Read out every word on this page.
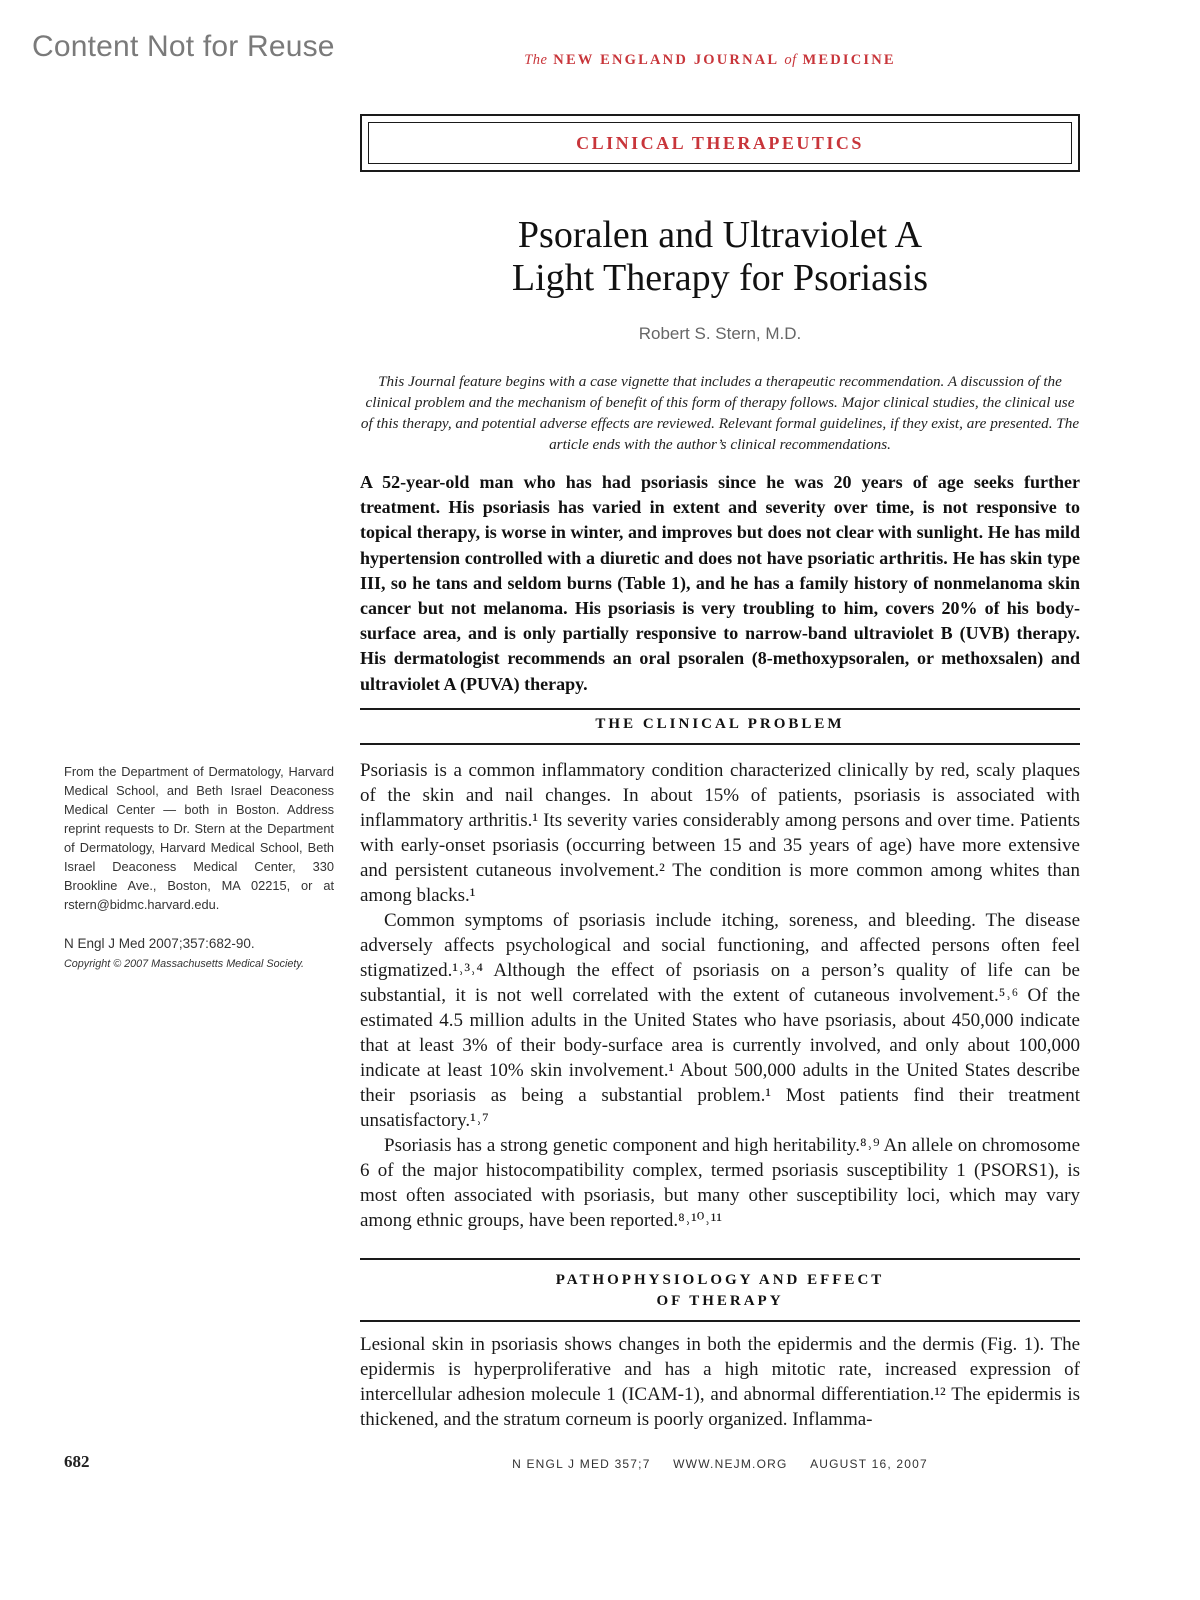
Content Not for Reuse	The NEW ENGLAND JOURNAL of MEDICINE
CLINICAL THERAPEUTICS
Psoralen and Ultraviolet A
Light Therapy for Psoriasis
Robert S. Stern, M.D.
This Journal feature begins with a case vignette that includes a therapeutic recommendation. A discussion of the clinical problem and the mechanism of benefit of this form of therapy follows. Major clinical studies, the clinical use of this therapy, and potential adverse effects are reviewed. Relevant formal guidelines, if they exist, are presented. The article ends with the author’s clinical recommendations.
A 52-year-old man who has had psoriasis since he was 20 years of age seeks further treatment. His psoriasis has varied in extent and severity over time, is not responsive to topical therapy, is worse in winter, and improves but does not clear with sunlight. He has mild hypertension controlled with a diuretic and does not have psoriatic arthritis. He has skin type III, so he tans and seldom burns (Table 1), and he has a family history of nonmelanoma skin cancer but not melanoma. His psoriasis is very troubling to him, covers 20% of his body-surface area, and is only partially responsive to narrow-band ultraviolet B (UVB) therapy. His dermatologist recommends an oral psoralen (8-methoxypsoralen, or methoxsalen) and ultraviolet A (PUVA) therapy.
THE CLINICAL PROBLEM

Psoriasis is a common inflammatory condition characterized clinically by red, scaly plaques of the skin and nail changes. In about 15% of patients, psoriasis is associated with inflammatory arthritis.¹ Its severity varies considerably among persons and over time. Patients with early-onset psoriasis (occurring between 15 and 35 years of age) have more extensive and persistent cutaneous involvement.² The condition is more common among whites than among blacks.¹

Common symptoms of psoriasis include itching, soreness, and bleeding. The disease adversely affects psychological and social functioning, and affected persons often feel stigmatized.¹˒³˒⁴ Although the effect of psoriasis on a person’s quality of life can be substantial, it is not well correlated with the extent of cutaneous involvement.⁵˒⁶ Of the estimated 4.5 million adults in the United States who have psoriasis, about 450,000 indicate that at least 3% of their body-surface area is currently involved, and only about 100,000 indicate at least 10% skin involvement.¹ About 500,000 adults in the United States describe their psoriasis as being a substantial problem.¹ Most patients find their treatment unsatisfactory.¹˒⁷

Psoriasis has a strong genetic component and high heritability.⁸˒⁹ An allele on chromosome 6 of the major histocompatibility complex, termed psoriasis susceptibility 1 (PSORS1), is most often associated with psoriasis, but many other susceptibility loci, which may vary among ethnic groups, have been reported.⁸˒¹⁰˒¹¹

PATHOPHYSIOLOGY AND EFFECT
OF THERAPY

Lesional skin in psoriasis shows changes in both the epidermis and the dermis (Fig. 1). The epidermis is hyperproliferative and has a high mitotic rate, increased expression of intercellular adhesion molecule 1 (ICAM-1), and abnormal differentiation.¹² The epidermis is thickened, and the stratum corneum is poorly organized. Inflamma-

From the Department of Dermatology, Harvard Medical School, and Beth Israel Deaconess Medical Center — both in Boston. Address reprint requests to Dr. Stern at the Department of Dermatology, Harvard Medical School, Beth Israel Deaconess Medical Center, 330 Brookline Ave., Boston, MA 02215, or at rstern@bidmc.harvard.edu.
N Engl J Med 2007;357:682-90.
Copyright © 2007 Massachusetts Medical Society.
682	N ENGL J MED 357;7 WWW.NEJM.ORG AUGUST 16, 2007
